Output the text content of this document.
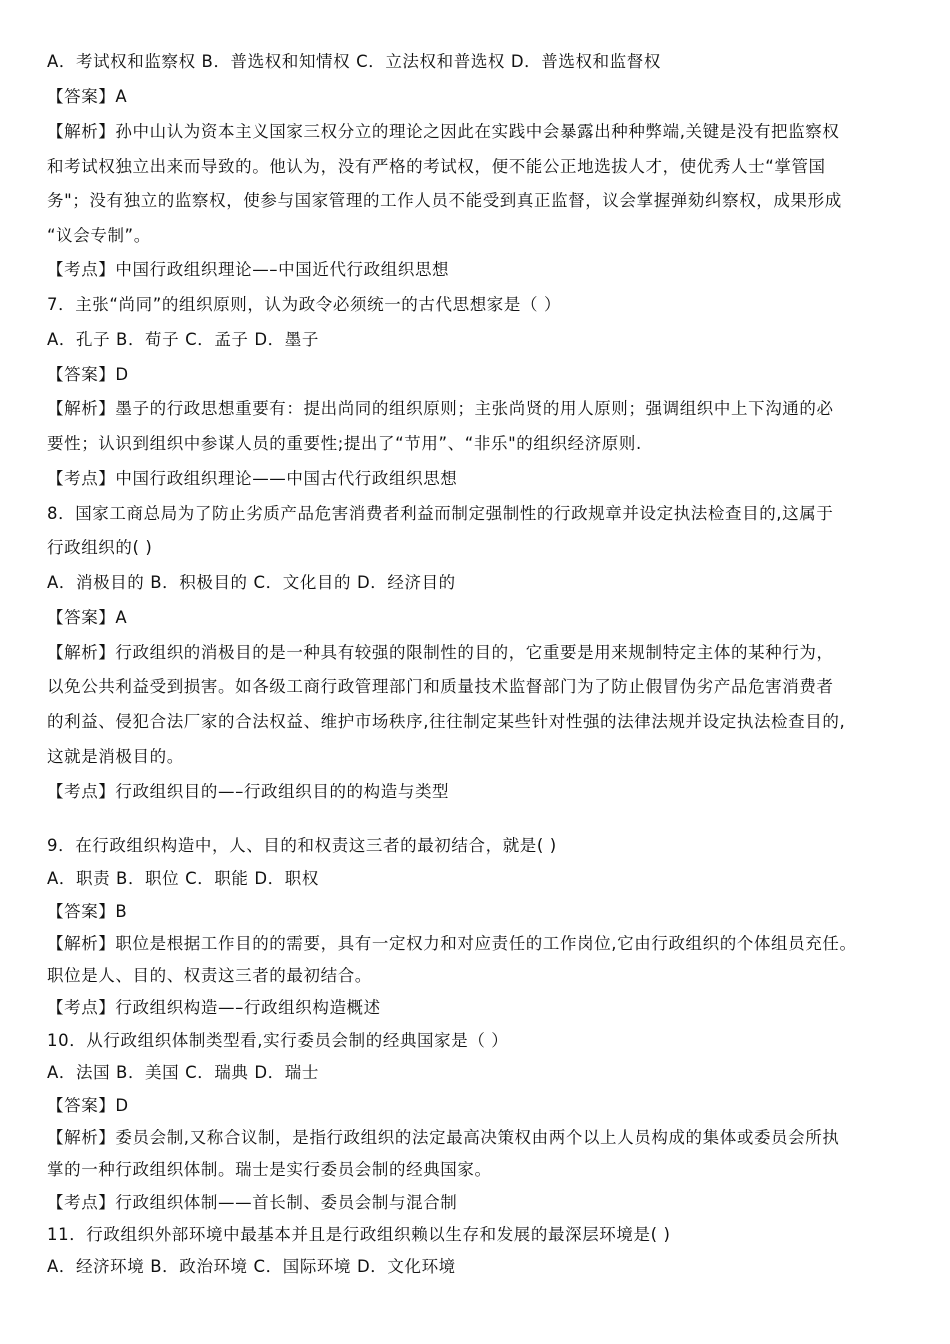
A．考试权和监察权 B．普选权和知情权 C．立法权和普选权 D．普选权和监督权
【答案】A
【解析】孙中山认为资本主义国家三权分立的理论之因此在实践中会暴露出种种弊端,关键是没有把监察权
和考试权独立出来而导致的。他认为，没有严格的考试权，便不能公正地选拔人才，使优秀人士“掌管国
务"；没有独立的监察权，使参与国家管理的工作人员不能受到真正监督，议会掌握弹劾纠察权，成果形成
“议会专制”。
【考点】中国行政组织理论—–中国近代行政组织思想
7．主张“尚同”的组织原则，认为政令必须统一的古代思想家是（ ）
A．孔子 B．荀子 C．孟子 D．墨子
【答案】D
【解析】墨子的行政思想重要有：提出尚同的组织原则；主张尚贤的用人原则；强调组织中上下沟通的必
要性；认识到组织中参谋人员的重要性;提出了“节用”、“非乐"的组织经济原则.
【考点】中国行政组织理论——中国古代行政组织思想
8．国家工商总局为了防止劣质产品危害消费者利益而制定强制性的行政规章并设定执法检查目的,这属于
行政组织的( )
A．消极目的 B．积极目的 C．文化目的 D．经济目的
【答案】A
【解析】行政组织的消极目的是一种具有较强的限制性的目的，它重要是用来规制特定主体的某种行为，
以免公共利益受到损害。如各级工商行政管理部门和质量技术监督部门为了防止假冒伪劣产品危害消费者
的利益、侵犯合法厂家的合法权益、维护市场秩序,往往制定某些针对性强的法律法规并设定执法检查目的,
这就是消极目的。
【考点】行政组织目的—–行政组织目的的构造与类型
9．在行政组织构造中，人、目的和权责这三者的最初结合，就是( )
A．职责 B．职位 C．职能 D．职权
【答案】B
【解析】职位是根据工作目的的需要，具有一定权力和对应责任的工作岗位,它由行政组织的个体组员充任。
职位是人、目的、权责这三者的最初结合。
【考点】行政组织构造—–行政组织构造概述
10．从行政组织体制类型看,实行委员会制的经典国家是（ ）
A．法国 B．美国 C．瑞典 D．瑞士
【答案】D
【解析】委员会制,又称合议制，是指行政组织的法定最高决策权由两个以上人员构成的集体或委员会所执
掌的一种行政组织体制。瑞士是实行委员会制的经典国家。
【考点】行政组织体制——首长制、委员会制与混合制
11．行政组织外部环境中最基本并且是行政组织赖以生存和发展的最深层环境是( )
A．经济环境 B．政治环境 C．国际环境 D．文化环境
